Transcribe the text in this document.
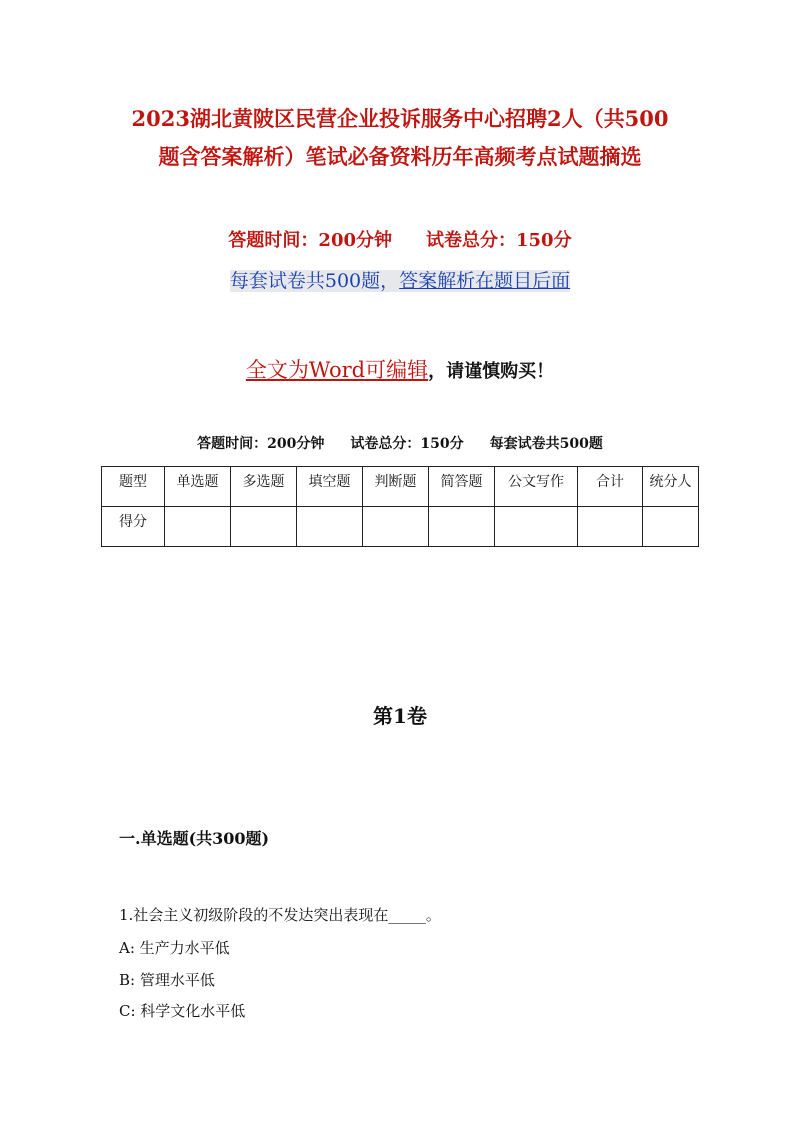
2023湖北黄陂区民营企业投诉服务中心招聘2人（共500
题含答案解析）笔试必备资料历年高频考点试题摘选
答题时间：200分钟 试卷总分：150分
每套试卷共500题，答案解析在题目后面
全文为Word可编辑，请谨慎购买！
答题时间：200分钟 试卷总分：150分 每套试卷共500题
题型	单选题	多选题	填空题	判断题	简答题	公文写作	合计	统分人
得分								
第1卷
一.单选题(共300题)
1.社会主义初级阶段的不发达突出表现在_____。
A: 生产力水平低
B: 管理水平低
C: 科学文化水平低
